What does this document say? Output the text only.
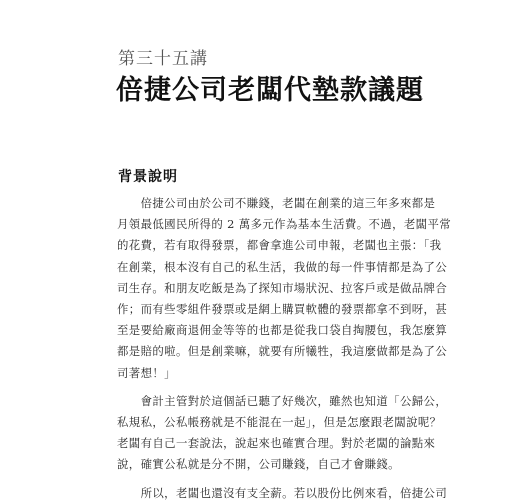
第三十五講
倍捷公司老闆代墊款議題
背景說明

　　倍捷公司由於公司不賺錢，老闆在創業的這三年多來都是
月領最低國民所得的 2 萬多元作為基本生活費。不過，老闆平常
的花費，若有取得發票，都會拿進公司申報，老闆也主張：「我
在創業，根本沒有自己的私生活，我做的每一件事情都是為了公
司生存。和朋友吃飯是為了探知市場狀況、拉客戶或是做品牌合
作；而有些零組件發票或是網上購買軟體的發票都拿不到呀，甚
至是要給廠商退佣金等等的也都是從我口袋自掏腰包，我怎麼算
都是賠的啦。但是創業嘛，就要有所犧牲，我這麼做都是為了公
司著想！」

　　會計主管對於這個話已聽了好幾次，雖然也知道「公歸公，
私規私，公私帳務就是不能混在一起」，但是怎麼跟老闆說呢？
老闆有自己一套說法，說起來也確實合理。對於老闆的論點來
說，確實公私就是分不開，公司賺錢，自己才會賺錢。

　　所以，老闆也還沒有支全薪。若以股份比例來看，倍捷公司
